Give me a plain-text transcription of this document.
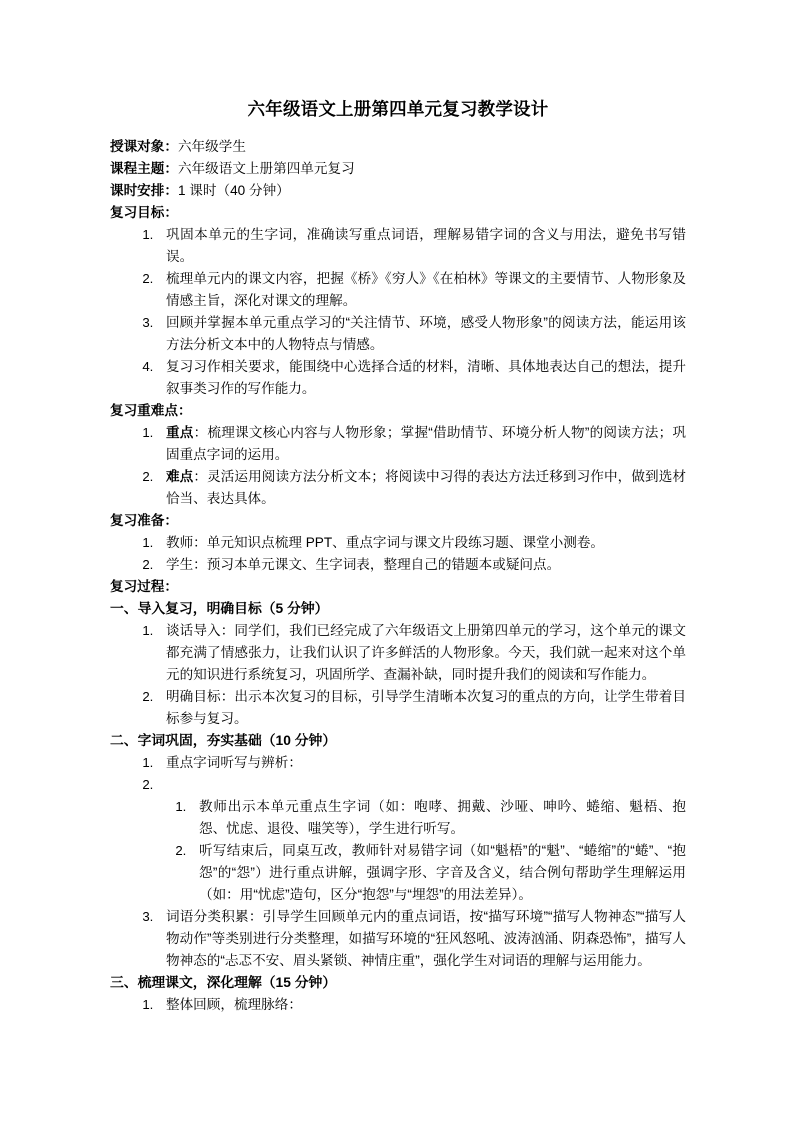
六年级语文上册第四单元复习教学设计

授课对象：六年级学生

课程主题：六年级语文上册第四单元复习

课时安排：1 课时（40 分钟）

复习目标：

1. 巩固本单元的生字词，准确读写重点词语，理解易错字词的含义与用法，避免书写错误。
2. 梳理单元内的课文内容，把握《桥》《穷人》《在柏林》等课文的主要情节、人物形象及情感主旨，深化对课文的理解。
3. 回顾并掌握本单元重点学习的“关注情节、环境，感受人物形象”的阅读方法，能运用该方法分析文本中的人物特点与情感。
4. 复习习作相关要求，能围绕中心选择合适的材料，清晰、具体地表达自己的想法，提升叙事类习作的写作能力。

复习重难点：

1. 重点：梳理课文核心内容与人物形象；掌握“借助情节、环境分析人物”的阅读方法；巩固重点字词的运用。
2. 难点：灵活运用阅读方法分析文本；将阅读中习得的表达方法迁移到习作中，做到选材恰当、表达具体。

复习准备：

1. 教师：单元知识点梳理 PPT、重点字词与课文片段练习题、课堂小测卷。
2. 学生：预习本单元课文、生字词表，整理自己的错题本或疑问点。

复习过程：

一、导入复习，明确目标（5 分钟）

1. 谈话导入：同学们，我们已经完成了六年级语文上册第四单元的学习，这个单元的课文都充满了情感张力，让我们认识了许多鲜活的人物形象。今天，我们就一起来对这个单元的知识进行系统复习，巩固所学、查漏补缺，同时提升我们的阅读和写作能力。
2. 明确目标：出示本次复习的目标，引导学生清晰本次复习的重点的方向，让学生带着目标参与复习。

二、字词巩固，夯实基础（10 分钟）

1. 重点字词听写与辨析：
2.
1. 教师出示本单元重点生字词（如：咆哮、拥戴、沙哑、呻吟、蜷缩、魁梧、抱怨、忧虑、退役、嗤笑等），学生进行听写。
2. 听写结束后，同桌互改，教师针对易错字词（如“魁梧”的“魁”、“蜷缩”的“蜷”、“抱怨”的“怨”）进行重点讲解，强调字形、字音及含义，结合例句帮助学生理解运用（如：用“忧虑”造句，区分“抱怨”与“埋怨”的用法差异）。
3. 词语分类积累：引导学生回顾单元内的重点词语，按“描写环境”“描写人物神态”“描写人物动作”等类别进行分类整理，如描写环境的“狂风怒吼、波涛汹涌、阴森恐怖”，描写人物神态的“忐忑不安、眉头紧锁、神情庄重”，强化学生对词语的理解与运用能力。

三、梳理课文，深化理解（15 分钟）

1. 整体回顾，梳理脉络：
